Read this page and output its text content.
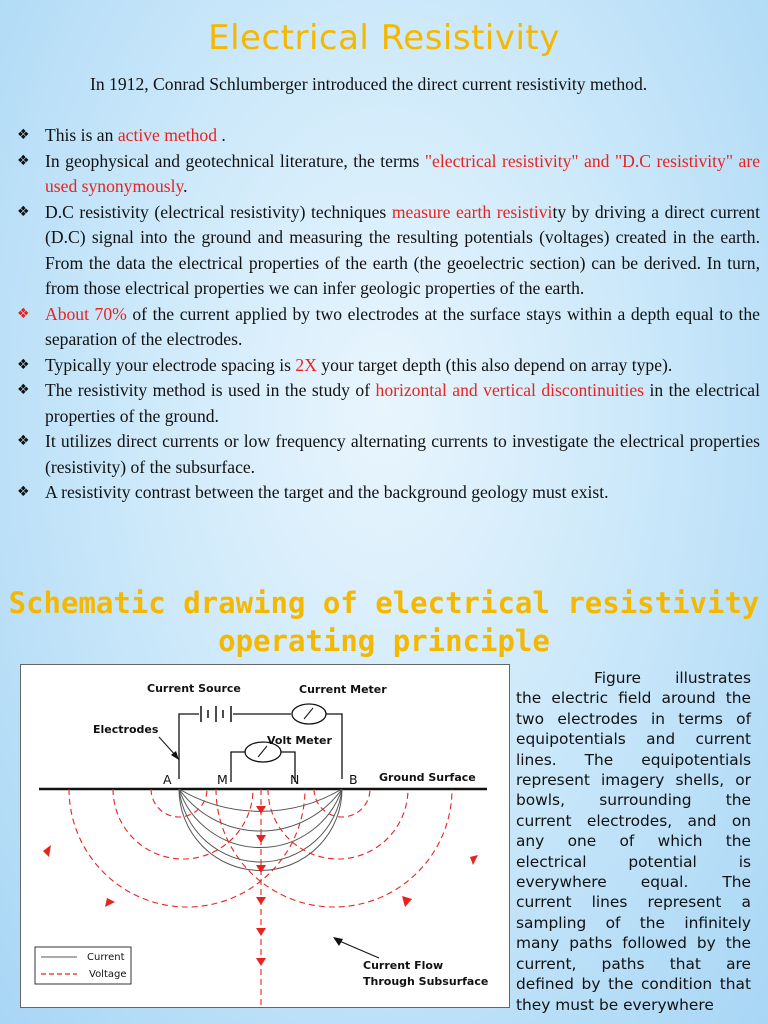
Electrical Resistivity

In 1912, Conrad Schlumberger introduced the direct current resistivity method.

❖ This is an active method .
❖ In geophysical and geotechnical literature, the terms "electrical resistivity" and "D.C resistivity" are used synonymously.
❖ D.C resistivity (electrical resistivity) techniques measure earth resistivity by driving a direct current (D.C) signal into the ground and measuring the resulting potentials (voltages) created in the earth. From the data the electrical properties of the earth (the geoelectric section) can be derived. In turn, from those electrical properties we can infer geologic properties of the earth.
❖ About 70% of the current applied by two electrodes at the surface stays within a depth equal to the separation of the electrodes.
❖ Typically your electrode spacing is 2X your target depth (this also depend on array type).
❖ The resistivity method is used in the study of horizontal and vertical discontinuities in the electrical properties of the ground.
❖ It utilizes direct currents or low frequency alternating currents to investigate the electrical properties (resistivity) of the subsurface.
❖ A resistivity contrast between the target and the background geology must exist.
Schematic drawing of electrical resistivity
operating principle
Current Source	Current Meter
Electrodes
Volt Meter
A	M	N	B Ground Surface
Current
Voltage
Current Flow
Through Subsurface

Figure illustrates the electric field around the two electrodes in terms of equipotentials and current lines. The equipotentials represent imagery shells, or bowls, surrounding the current electrodes, and on any one of which the electrical potential is everywhere equal. The current lines represent a sampling of the infinitely many paths followed by the current, paths that are defined by the condition that they must be everywhere
